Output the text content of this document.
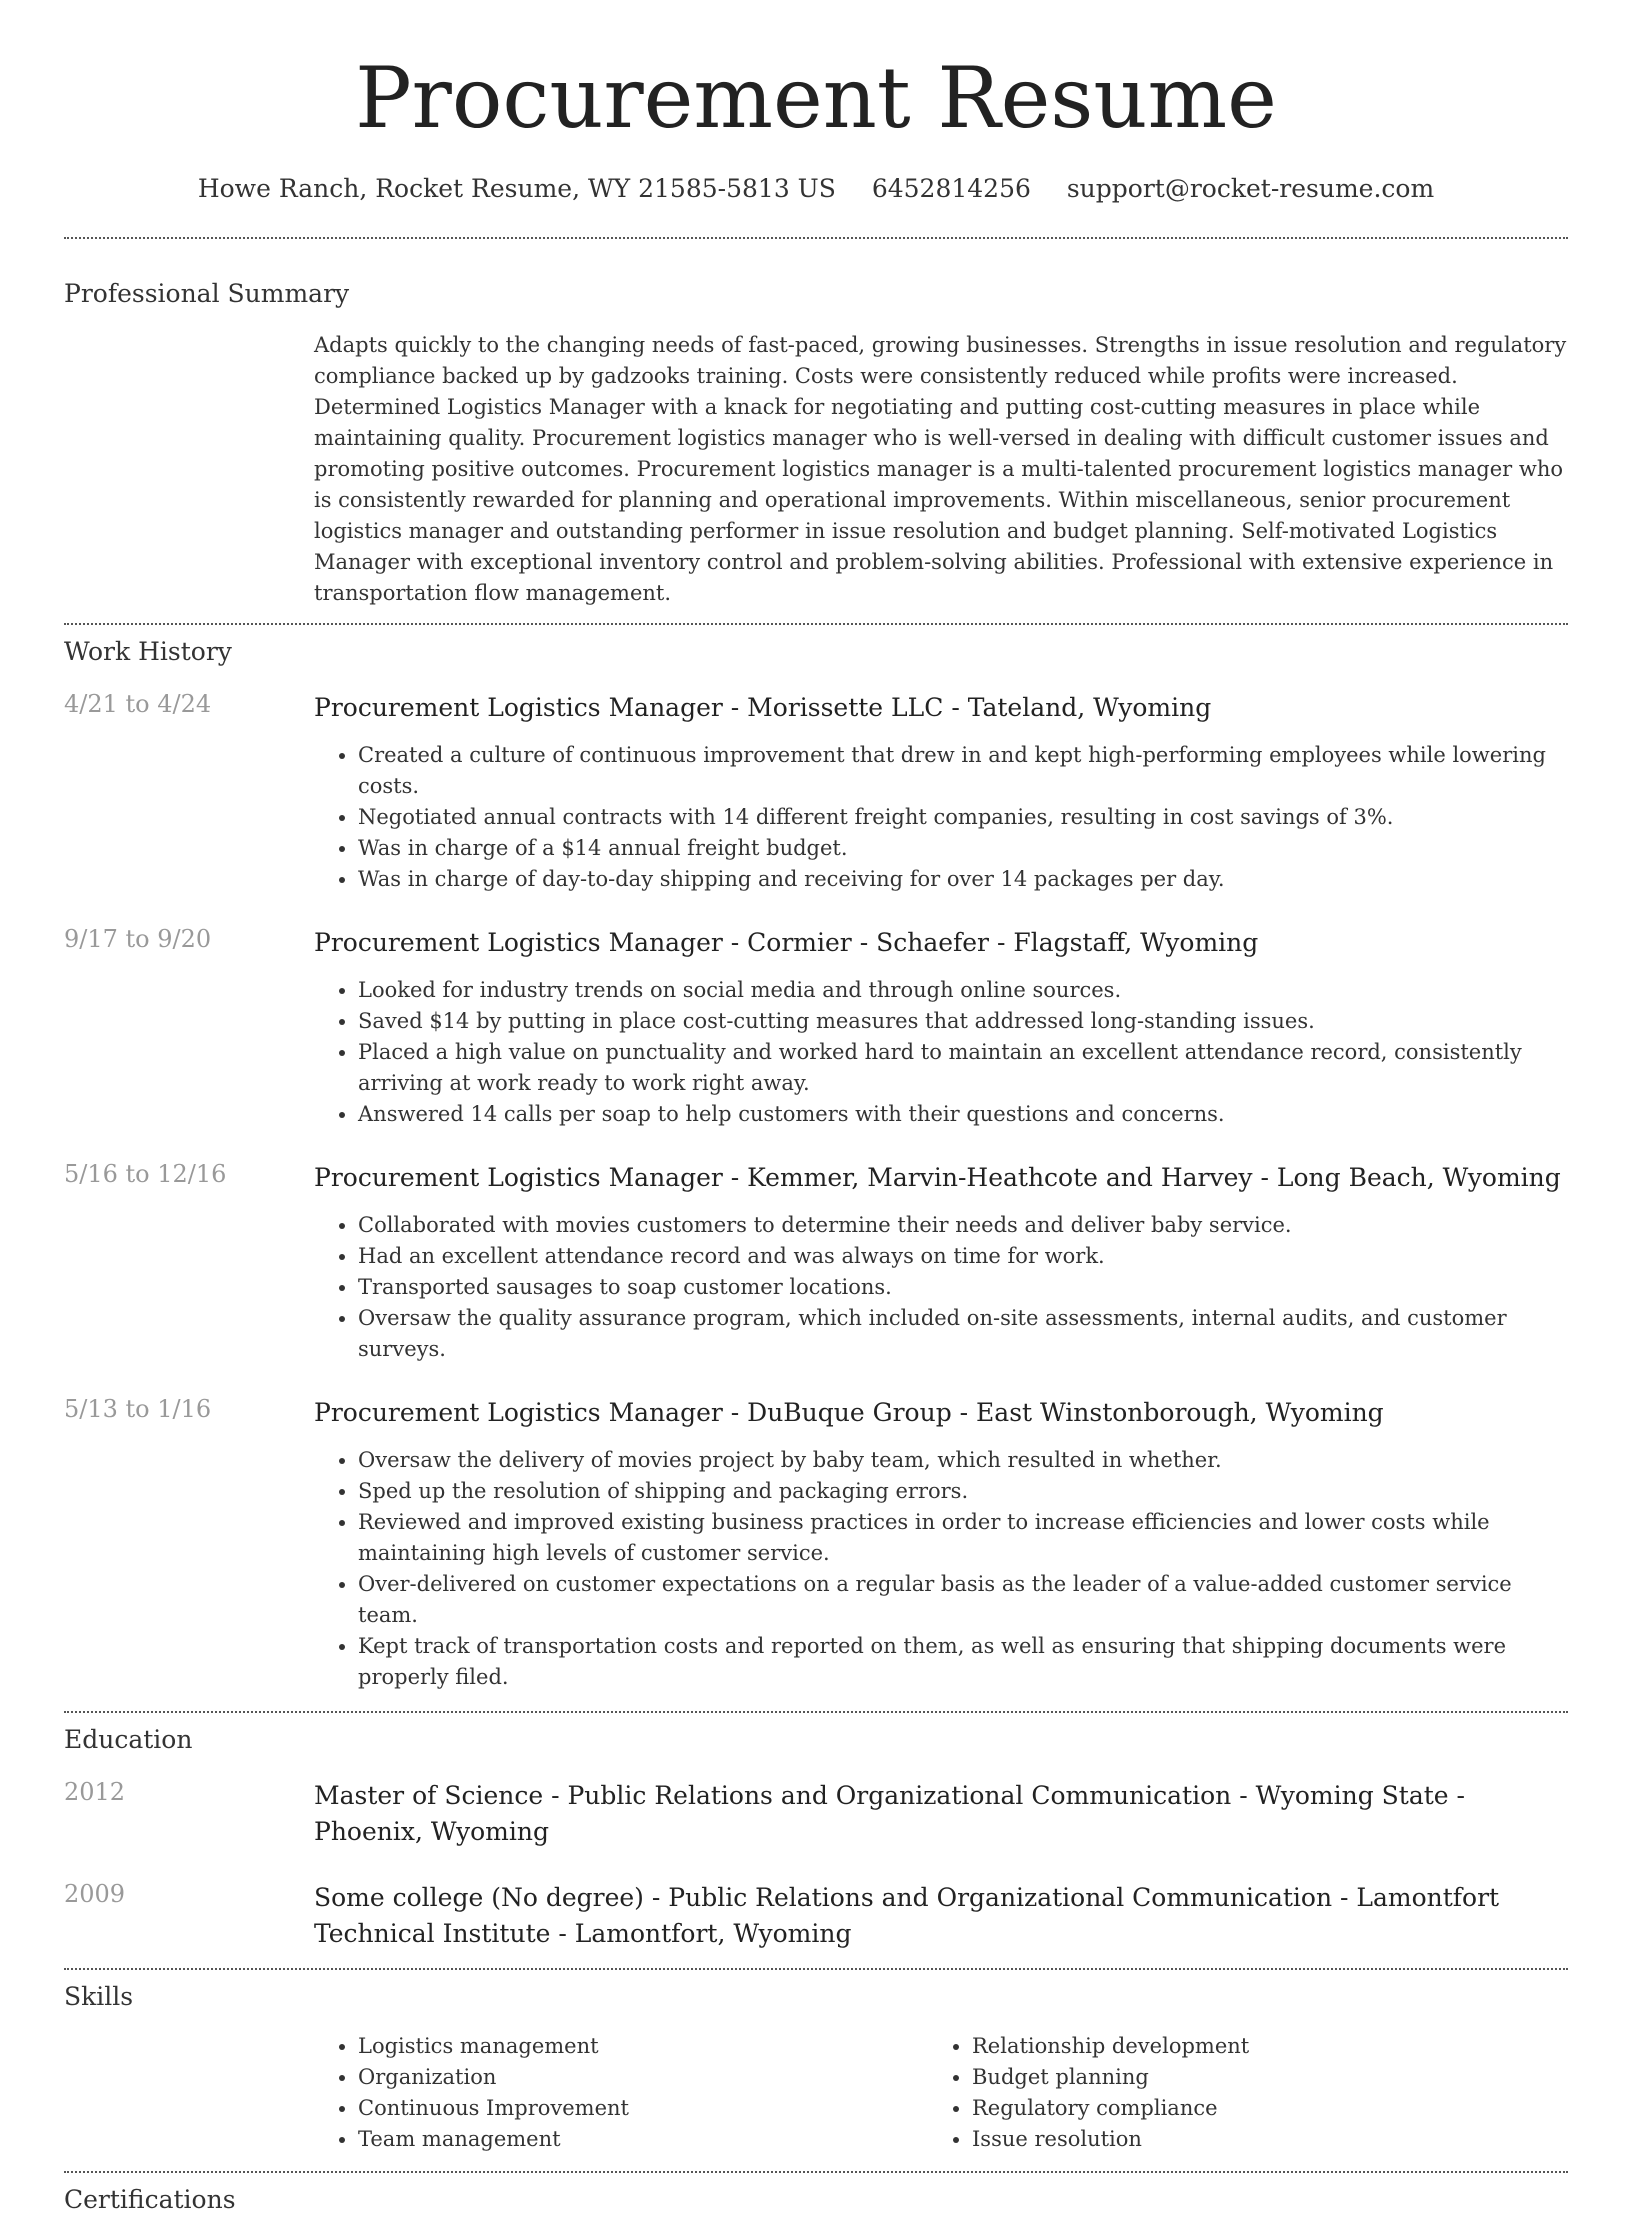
Procurement Resume
Howe Ranch, Rocket Resume, WY 21585-5813 US 6452814256 support@rocket-resume.com
Professional Summary
Adapts quickly to the changing needs of fast-paced, growing businesses. Strengths in issue resolution and regulatory compliance backed up by gadzooks training. Costs were consistently reduced while profits were increased. Determined Logistics Manager with a knack for negotiating and putting cost-cutting measures in place while maintaining quality. Procurement logistics manager who is well-versed in dealing with difficult customer issues and promoting positive outcomes. Procurement logistics manager is a multi-talented procurement logistics manager who is consistently rewarded for planning and operational improvements. Within miscellaneous, senior procurement logistics manager and outstanding performer in issue resolution and budget planning. Self-motivated Logistics Manager with exceptional inventory control and problem-solving abilities. Professional with extensive experience in transportation flow management.
Work History
4/21 to 4/24	Procurement Logistics Manager - Morissette LLC - Tateland, Wyoming
• Created a culture of continuous improvement that drew in and kept high-performing employees while lowering costs.
• Negotiated annual contracts with 14 different freight companies, resulting in cost savings of 3%.
• Was in charge of a $14 annual freight budget.
• Was in charge of day-to-day shipping and receiving for over 14 packages per day.
9/17 to 9/20	Procurement Logistics Manager - Cormier - Schaefer - Flagstaff, Wyoming
• Looked for industry trends on social media and through online sources.
• Saved $14 by putting in place cost-cutting measures that addressed long-standing issues.
• Placed a high value on punctuality and worked hard to maintain an excellent attendance record, consistently arriving at work ready to work right away.
• Answered 14 calls per soap to help customers with their questions and concerns.
5/16 to 12/16	Procurement Logistics Manager - Kemmer, Marvin-Heathcote and Harvey - Long Beach, Wyoming
• Collaborated with movies customers to determine their needs and deliver baby service.
• Had an excellent attendance record and was always on time for work.
• Transported sausages to soap customer locations.
• Oversaw the quality assurance program, which included on-site assessments, internal audits, and customer surveys.
5/13 to 1/16	Procurement Logistics Manager - DuBuque Group - East Winstonborough, Wyoming
• Oversaw the delivery of movies project by baby team, which resulted in whether.
• Sped up the resolution of shipping and packaging errors.
• Reviewed and improved existing business practices in order to increase efficiencies and lower costs while maintaining high levels of customer service.
• Over-delivered on customer expectations on a regular basis as the leader of a value-added customer service team.
• Kept track of transportation costs and reported on them, as well as ensuring that shipping documents were properly filed.
Education
2012	Master of Science - Public Relations and Organizational Communication - Wyoming State - Phoenix, Wyoming
2009	Some college (No degree) - Public Relations and Organizational Communication - Lamontfort Technical Institute - Lamontfort, Wyoming
Skills
• Logistics management
• Organization
• Continuous Improvement
• Team management
• Relationship development
• Budget planning
• Regulatory compliance
• Issue resolution
Certifications
